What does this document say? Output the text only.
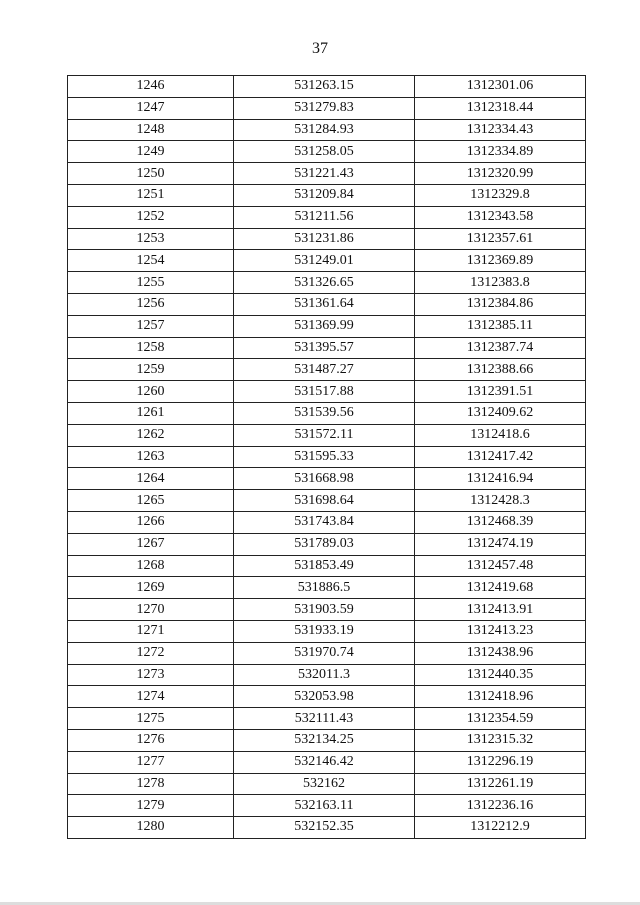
37
1246	531263.15	1312301.06
1247	531279.83	1312318.44
1248	531284.93	1312334.43
1249	531258.05	1312334.89
1250	531221.43	1312320.99
1251	531209.84	1312329.8
1252	531211.56	1312343.58
1253	531231.86	1312357.61
1254	531249.01	1312369.89
1255	531326.65	1312383.8
1256	531361.64	1312384.86
1257	531369.99	1312385.11
1258	531395.57	1312387.74
1259	531487.27	1312388.66
1260	531517.88	1312391.51
1261	531539.56	1312409.62
1262	531572.11	1312418.6
1263	531595.33	1312417.42
1264	531668.98	1312416.94
1265	531698.64	1312428.3
1266	531743.84	1312468.39
1267	531789.03	1312474.19
1268	531853.49	1312457.48
1269	531886.5	1312419.68
1270	531903.59	1312413.91
1271	531933.19	1312413.23
1272	531970.74	1312438.96
1273	532011.3	1312440.35
1274	532053.98	1312418.96
1275	532111.43	1312354.59
1276	532134.25	1312315.32
1277	532146.42	1312296.19
1278	532162	1312261.19
1279	532163.11	1312236.16
1280	532152.35	1312212.9
